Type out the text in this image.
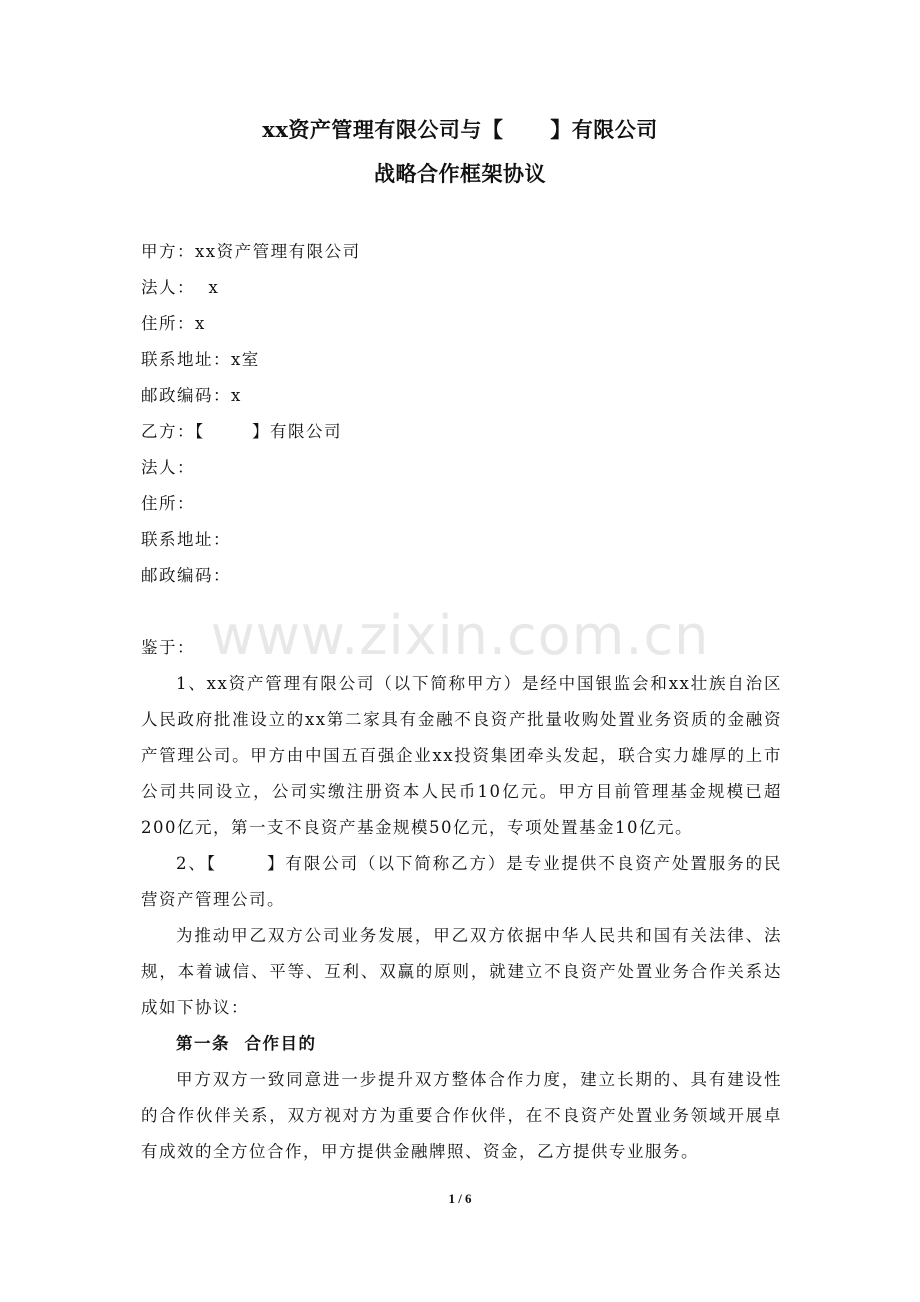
xx资产管理有限公司与【      】有限公司
战略合作框架协议
甲方：xx资产管理有限公司
法人：  x
住所：x
联系地址：x室
邮政编码：x
乙方：【       】有限公司
法人：
住所：
联系地址：
邮政编码：
www.zixin.com.cn

鉴于：

1、xx资产管理有限公司（以下简称甲方）是经中国银监会和xx壮族自治区人民政府批准设立的xx第二家具有金融不良资产批量收购处置业务资质的金融资产管理公司。甲方由中国五百强企业xx投资集团牵头发起，联合实力雄厚的上市公司共同设立，公司实缴注册资本人民币10亿元。甲方目前管理基金规模已超200亿元，第一支不良资产基金规模50亿元，专项处置基金10亿元。

2、【       】有限公司（以下简称乙方）是专业提供不良资产处置服务的民营资产管理公司。

为推动甲乙双方公司业务发展，甲乙双方依据中华人民共和国有关法律、法规，本着诚信、平等、互利、双赢的原则，就建立不良资产处置业务合作关系达成如下协议：

第一条  合作目的

甲方双方一致同意进一步提升双方整体合作力度，建立长期的、具有建设性的合作伙伴关系，双方视对方为重要合作伙伴，在不良资产处置业务领域开展卓有成效的全方位合作，甲方提供金融牌照、资金，乙方提供专业服务。

1 / 6
